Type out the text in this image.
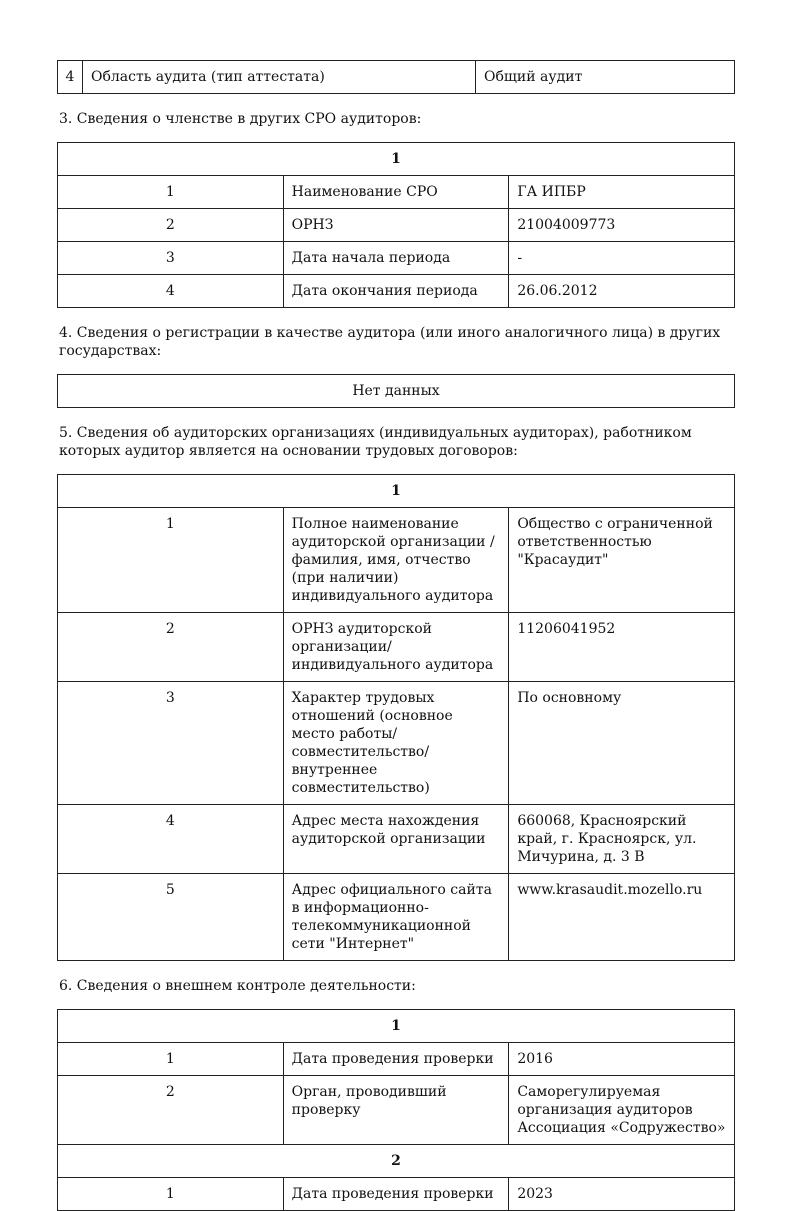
4	Область аудита (тип аттестата)	Общий аудит
3. Сведения о членстве в других СРО аудиторов:
1		
1	Наименование СРО	ГА ИПБР
2	ОРНЗ	21004009773
3	Дата начала периода	-
4	Дата окончания периода	26.06.2012
4. Сведения о регистрации в качестве аудитора (или иного аналогичного лица) в других государствах:
Нет данных
5. Сведения об аудиторских организациях (индивидуальных аудиторах), работником которых аудитор является на основании трудовых договоров:
1		
1	Полное наименование аудиторской организации / фамилия, имя, отчество (при наличии) индивидуального аудитора	Общество с ограниченной ответственностью "Красаудит"
2	ОРНЗ аудиторской организации/ индивидуального аудитора	11206041952
3	Характер трудовых отношений (основное место работы/совместительство/внутреннее совместительство)	По основному
4	Адрес места нахождения аудиторской организации	660068, Красноярский край, г. Красноярск, ул. Мичурина, д. 3 В
5	Адрес официального сайта в информационно-телекоммуникационной сети "Интернет"	www.krasaudit.mozello.ru
6. Сведения о внешнем контроле деятельности:
1		
1	Дата проведения проверки	2016
2	Орган, проводивший проверку	Саморегулируемая организация аудиторов Ассоциация «Содружество»
2		
1	Дата проведения проверки	2023
